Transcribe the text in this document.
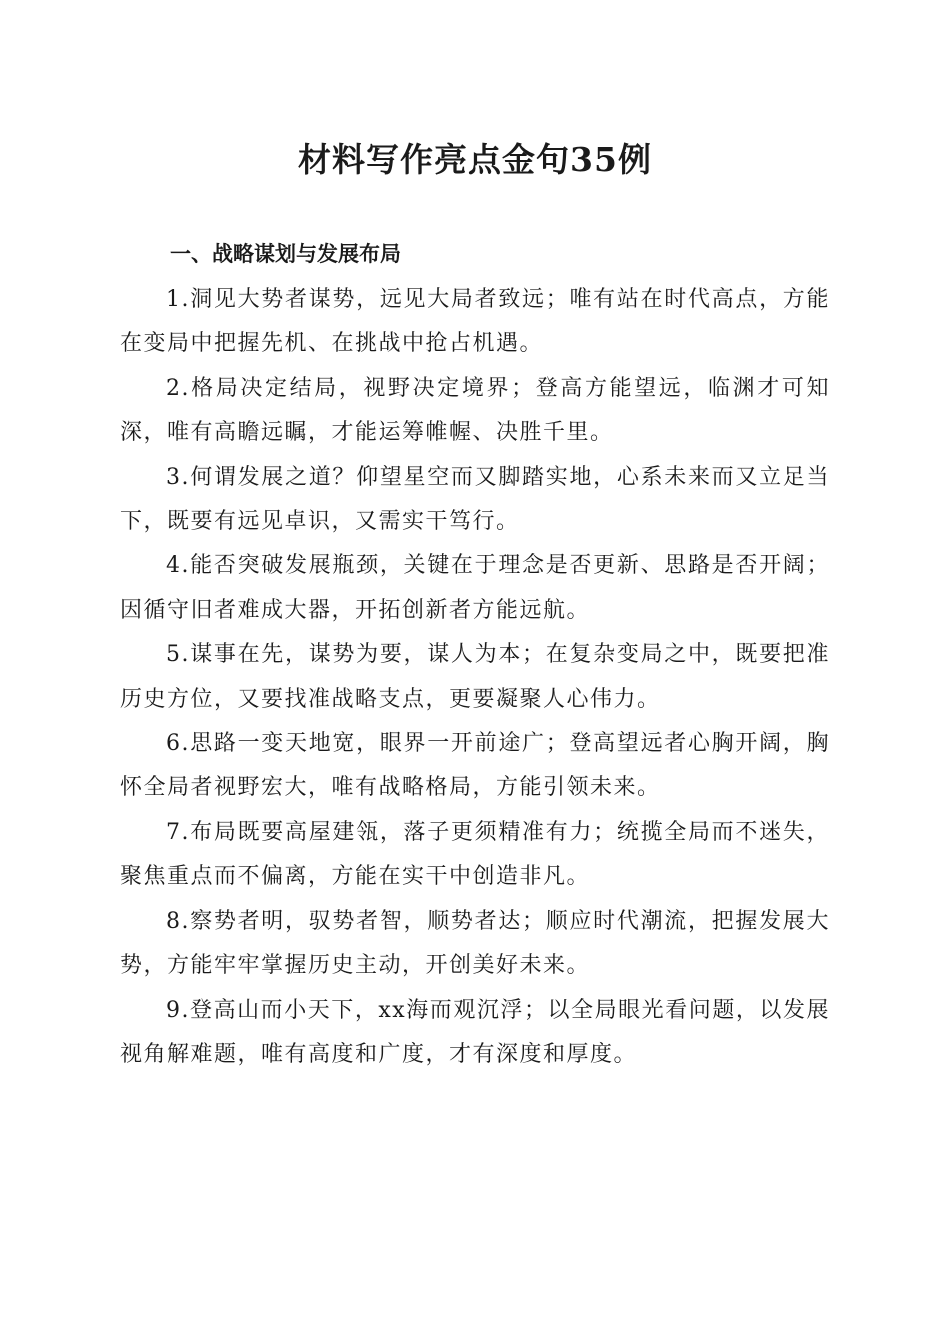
材料写作亮点金句35例
一、战略谋划与发展布局
1.洞见大势者谋势，远见大局者致远；唯有站在时代高点，方能在变局中把握先机、在挑战中抢占机遇。
2.格局决定结局，视野决定境界；登高方能望远，临渊才可知深，唯有高瞻远瞩，才能运筹帷幄、决胜千里。
3.何谓发展之道？仰望星空而又脚踏实地，心系未来而又立足当下，既要有远见卓识，又需实干笃行。
4.能否突破发展瓶颈，关键在于理念是否更新、思路是否开阔；因循守旧者难成大器，开拓创新者方能远航。
5.谋事在先，谋势为要，谋人为本；在复杂变局之中，既要把准历史方位，又要找准战略支点，更要凝聚人心伟力。
6.思路一变天地宽，眼界一开前途广；登高望远者心胸开阔，胸怀全局者视野宏大，唯有战略格局，方能引领未来。
7.布局既要高屋建瓴，落子更须精准有力；统揽全局而不迷失，聚焦重点而不偏离，方能在实干中创造非凡。
8.察势者明，驭势者智，顺势者达；顺应时代潮流，把握发展大势，方能牢牢掌握历史主动，开创美好未来。
9.登高山而小天下，xx海而观沉浮；以全局眼光看问题，以发展视角解难题，唯有高度和广度，才有深度和厚度。
